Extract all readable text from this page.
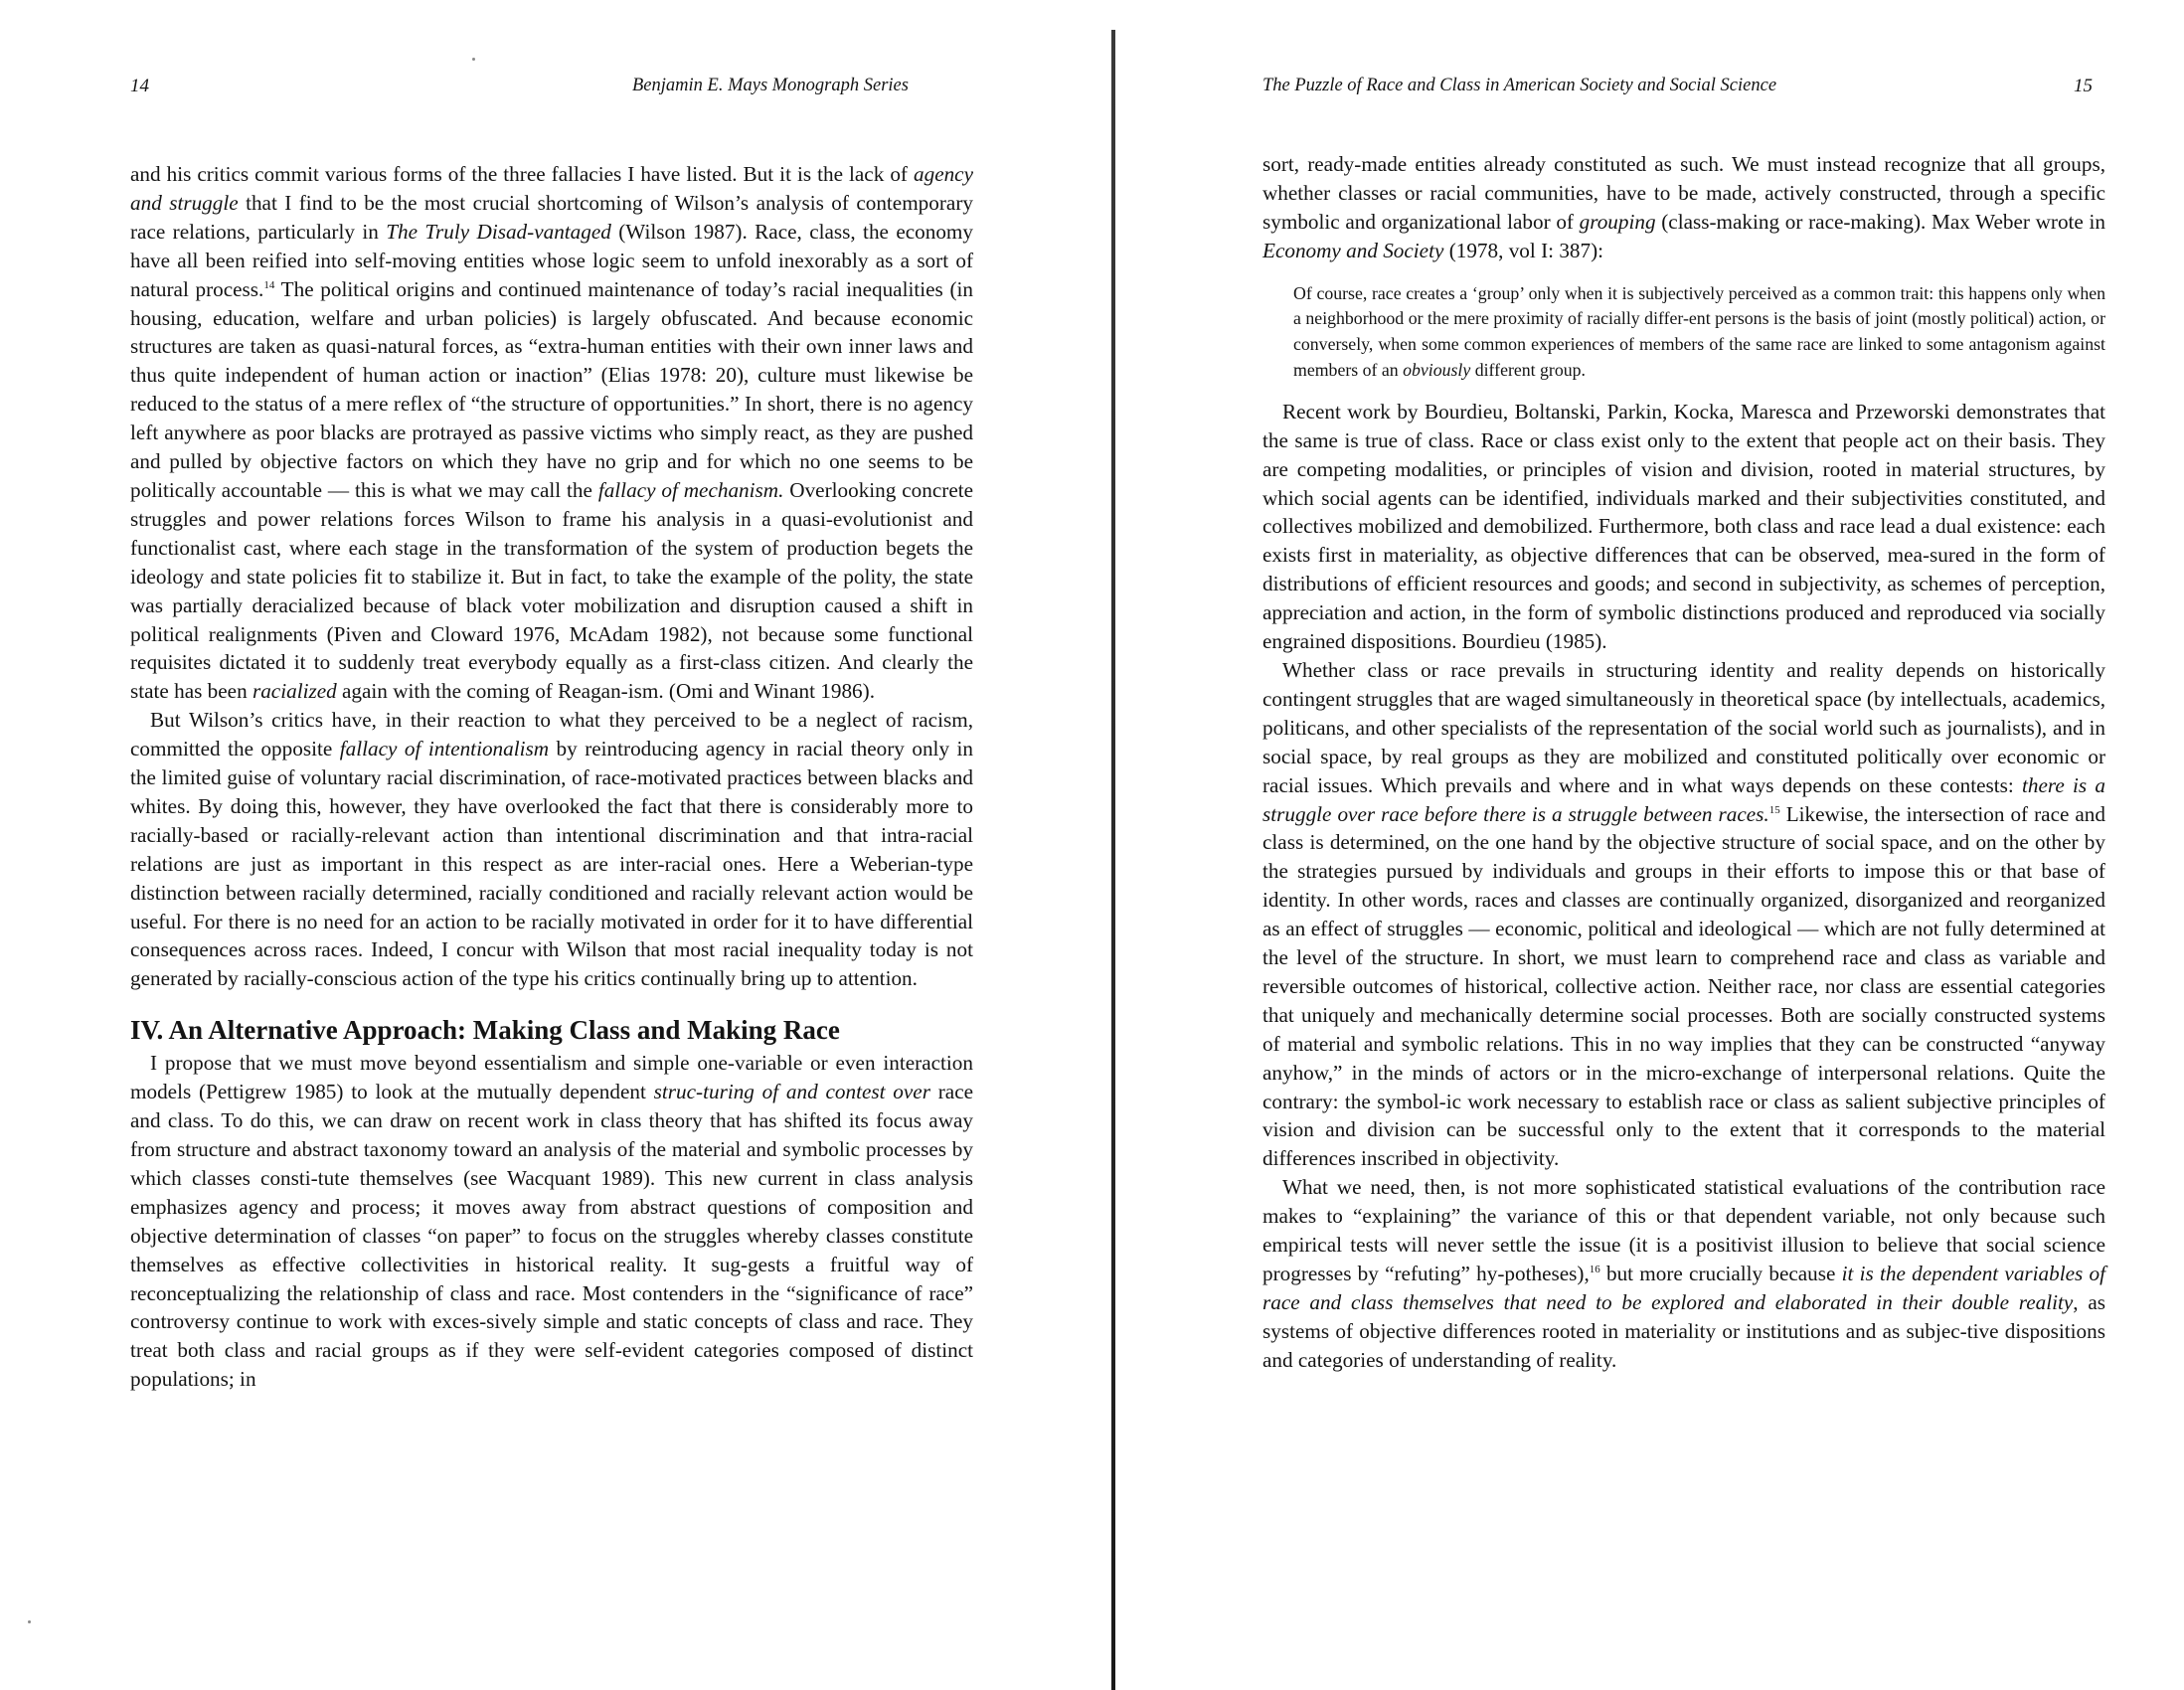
14	Benjamin E. Mays Monograph Series

and his critics commit various forms of the three fallacies I have listed. But it is the lack of agency and struggle that I find to be the most crucial shortcoming of Wilson’s analysis of contemporary race relations, particularly in The Truly Disad-vantaged (Wilson 1987). Race, class, the economy have all been reified into self-moving entities whose logic seem to unfold inexorably as a sort of natural process.$^{14}$ The political origins and continued maintenance of today’s racial inequalities (in housing, education, welfare and urban policies) is largely obfuscated. And because economic structures are taken as quasi-natural forces, as “extra-human entities with their own inner laws and thus quite independent of human action or inaction” (Elias 1978: 20), culture must likewise be reduced to the status of a mere reflex of “the structure of opportunities.” In short, there is no agency left anywhere as poor blacks are protrayed as passive victims who simply react, as they are pushed and pulled by objective factors on which they have no grip and for which no one seems to be politically accountable — this is what we may call the fallacy of mechanism. Overlooking concrete struggles and power relations forces Wilson to frame his analysis in a quasi-evolutionist and functionalist cast, where each stage in the transformation of the system of production begets the ideology and state policies fit to stabilize it. But in fact, to take the example of the polity, the state was partially deracialized because of black voter mobilization and disruption caused a shift in political realignments (Piven and Cloward 1976, McAdam 1982), not because some functional requisites dictated it to suddenly treat everybody equally as a first-class citizen. And clearly the state has been racialized again with the coming of Reagan-ism. (Omi and Winant 1986).

But Wilson’s critics have, in their reaction to what they perceived to be a neglect of racism, committed the opposite fallacy of intentionalism by reintroducing agency in racial theory only in the limited guise of voluntary racial discrimination, of race-motivated practices between blacks and whites. By doing this, however, they have overlooked the fact that there is considerably more to racially-based or racially-relevant action than intentional discrimination and that intra-racial relations are just as important in this respect as are inter-racial ones. Here a Weberian-type distinction between racially determined, racially conditioned and racially relevant action would be useful. For there is no need for an action to be racially motivated in order for it to have differential consequences across races. Indeed, I concur with Wilson that most racial inequality today is not generated by racially-conscious action of the type his critics continually bring up to attention.

IV. An Alternative Approach: Making Class and Making Race

I propose that we must move beyond essentialism and simple one-variable or even interaction models (Pettigrew 1985) to look at the mutually dependent struc-turing of and contest over race and class. To do this, we can draw on recent work in class theory that has shifted its focus away from structure and abstract taxonomy toward an analysis of the material and symbolic processes by which classes consti-tute themselves (see Wacquant 1989). This new current in class analysis emphasizes agency and process; it moves away from abstract questions of composition and objective determination of classes “on paper” to focus on the struggles whereby classes constitute themselves as effective collectivities in historical reality. It sug-gests a fruitful way of reconceptualizing the relationship of class and race. Most contenders in the “significance of race” controversy continue to work with exces-sively simple and static concepts of class and race. They treat both class and racial groups as if they were self-evident categories composed of distinct populations; in

The Puzzle of Race and Class in American Society and Social Science	15

sort, ready-made entities already constituted as such. We must instead recognize that all groups, whether classes or racial communities, have to be made, actively constructed, through a specific symbolic and organizational labor of grouping (class-making or race-making). Max Weber wrote in Economy and Society (1978, vol I: 387):

Of course, race creates a ‘group’ only when it is subjectively perceived as a common trait: this happens only when a neighborhood or the mere proximity of racially differ-ent persons is the basis of joint (mostly political) action, or conversely, when some common experiences of members of the same race are linked to some antagonism against members of an obviously different group.

Recent work by Bourdieu, Boltanski, Parkin, Kocka, Maresca and Przeworski demonstrates that the same is true of class. Race or class exist only to the extent that people act on their basis. They are competing modalities, or principles of vision and division, rooted in material structures, by which social agents can be identified, individuals marked and their subjectivities constituted, and collectives mobilized and demobilized. Furthermore, both class and race lead a dual existence: each exists first in materiality, as objective differences that can be observed, mea-sured in the form of distributions of efficient resources and goods; and second in subjectivity, as schemes of perception, appreciation and action, in the form of symbolic distinctions produced and reproduced via socially engrained dispositions. Bourdieu (1985).

Whether class or race prevails in structuring identity and reality depends on historically contingent struggles that are waged simultaneously in theoretical space (by intellectuals, academics, politicans, and other specialists of the representation of the social world such as journalists), and in social space, by real groups as they are mobilized and constituted politically over economic or racial issues. Which prevails and where and in what ways depends on these contests: there is a struggle over race before there is a struggle between races.$^{15}$ Likewise, the intersection of race and class is determined, on the one hand by the objective structure of social space, and on the other by the strategies pursued by individuals and groups in their efforts to impose this or that base of identity. In other words, races and classes are continually organized, disorganized and reorganized as an effect of struggles — economic, political and ideological — which are not fully determined at the level of the structure. In short, we must learn to comprehend race and class as variable and reversible outcomes of historical, collective action. Neither race, nor class are essential categories that uniquely and mechanically determine social processes. Both are socially constructed systems of material and symbolic relations. This in no way implies that they can be constructed “anyway anyhow,” in the minds of actors or in the micro-exchange of interpersonal relations. Quite the contrary: the symbol-ic work necessary to establish race or class as salient subjective principles of vision and division can be successful only to the extent that it corresponds to the material differences inscribed in objectivity.

What we need, then, is not more sophisticated statistical evaluations of the contribution race makes to “explaining” the variance of this or that dependent variable, not only because such empirical tests will never settle the issue (it is a positivist illusion to believe that social science progresses by “refuting” hy-potheses),$^{16}$ but more crucially because it is the dependent variables of race and class themselves that need to be explored and elaborated in their double reality, as systems of objective differences rooted in materiality or institutions and as subjec-tive dispositions and categories of understanding of reality.
